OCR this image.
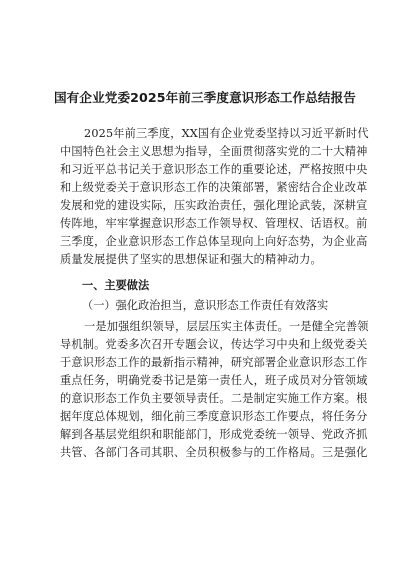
国有企业党委2025年前三季度意识形态工作总结报告
2025年前三季度，XX国有企业党委坚持以习近平新时代
中国特色社会主义思想为指导，全面贯彻落实党的二十大精神
和习近平总书记关于意识形态工作的重要论述，严格按照中央
和上级党委关于意识形态工作的决策部署，紧密结合企业改革
发展和党的建设实际，压实政治责任，强化理论武装，深耕宣
传阵地，牢牢掌握意识形态工作领导权、管理权、话语权。前
三季度，企业意识形态工作总体呈现向上向好态势，为企业高
质量发展提供了坚实的思想保证和强大的精神动力。
一、主要做法
（一）强化政治担当，意识形态工作责任有效落实
一是加强组织领导，层层压实主体责任。一是健全完善领
导机制。党委多次召开专题会议，传达学习中央和上级党委关
于意识形态工作的最新指示精神，研究部署企业意识形态工作
重点任务，明确党委书记是第一责任人，班子成员对分管领域
的意识形态工作负主要领导责任。二是制定实施工作方案。根
据年度总体规划，细化前三季度意识形态工作要点，将任务分
解到各基层党组织和职能部门，形成党委统一领导、党政齐抓
共管、各部门各司其职、全员积极参与的工作格局。三是强化
